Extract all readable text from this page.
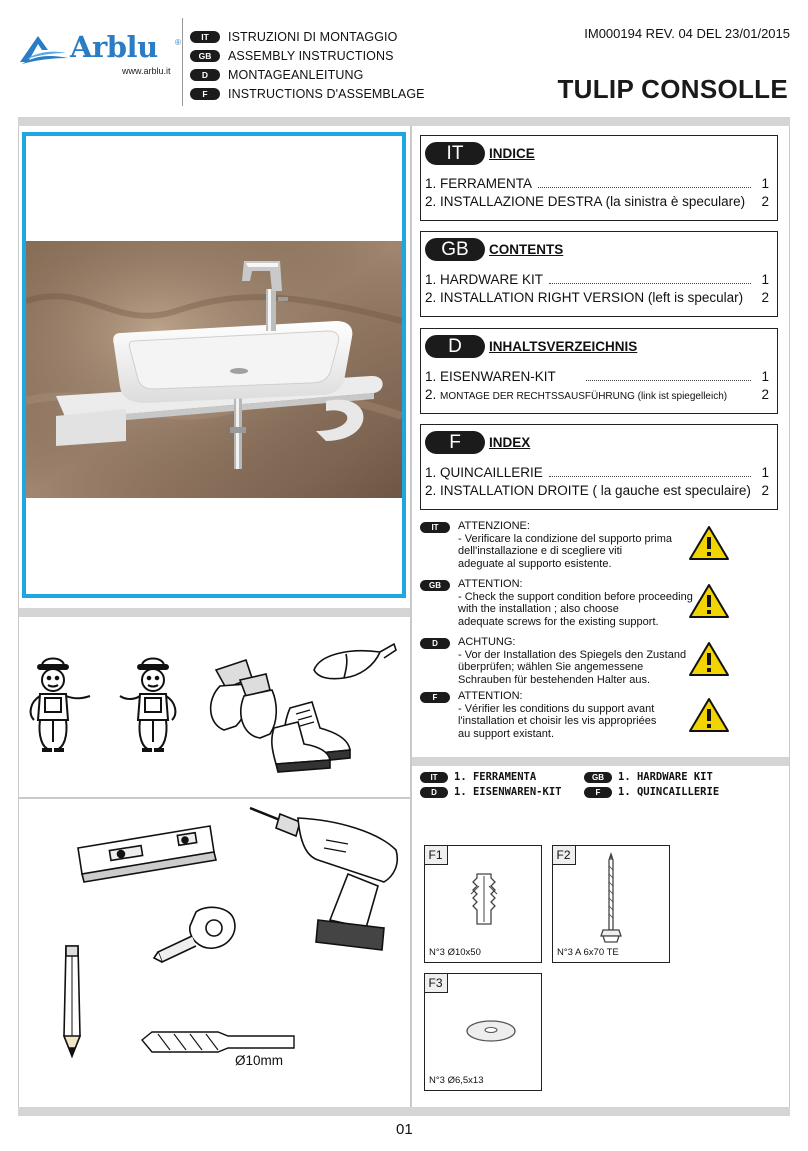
Arblu ®
www.arblu.it
IT	ISTRUZIONI DI MONTAGGIO
GB	ASSEMBLY INSTRUCTIONS
D	MONTAGEANLEITUNG
F	INSTRUCTIONS D'ASSEMBLAGE
IM000194 REV. 04 DEL 23/01/2015
TULIP CONSOLLE
IT	INDICE
1.
FERRAMENTA	1
2.
INSTALLAZIONE DESTRA (la sinistra è speculare)	2
GB	CONTENTS
1.
HARDWARE KIT	1
2.
INSTALLATION RIGHT VERSION (left is specular)	2
D	INHALTSVERZEICHNIS
1.
EISENWAREN-KIT	1
2.
MONTAGE DER RECHTSSAUSFÜHRUNG (link ist spiegelleich)	2
F	INDEX
1.
QUINCAILLERIE	1
2.
INSTALLATION DROITE ( la gauche est speculaire) 2
IT	ATTENZIONE:
- Verificare la condizione del supporto prima
dell'installazione e di scegliere viti
adeguate al supporto esistente.
GB	ATTENTION:
- Check the support condition before proceeding
with the installation ; also choose
adequate screws for the existing support.
D	ACHTUNG:
- Vor der Installation des Spiegels den Zustand
überprüfen; wählen Sie angemessene
Schrauben für bestehenden Halter aus.
F	ATTENTION:
- Vérifier les conditions du support avant
l'installation et choisir les vis appropriées
au support existant.
Ø10mm
IT	1. FERRAMENTA	GB	1. HARDWARE KIT
D	1. EISENWAREN-KIT	F	1. QUINCAILLERIE
F1
N°3 Ø10x50
F2
N°3 A 6x70 TE
F3
N°3 Ø6,5x13
01
